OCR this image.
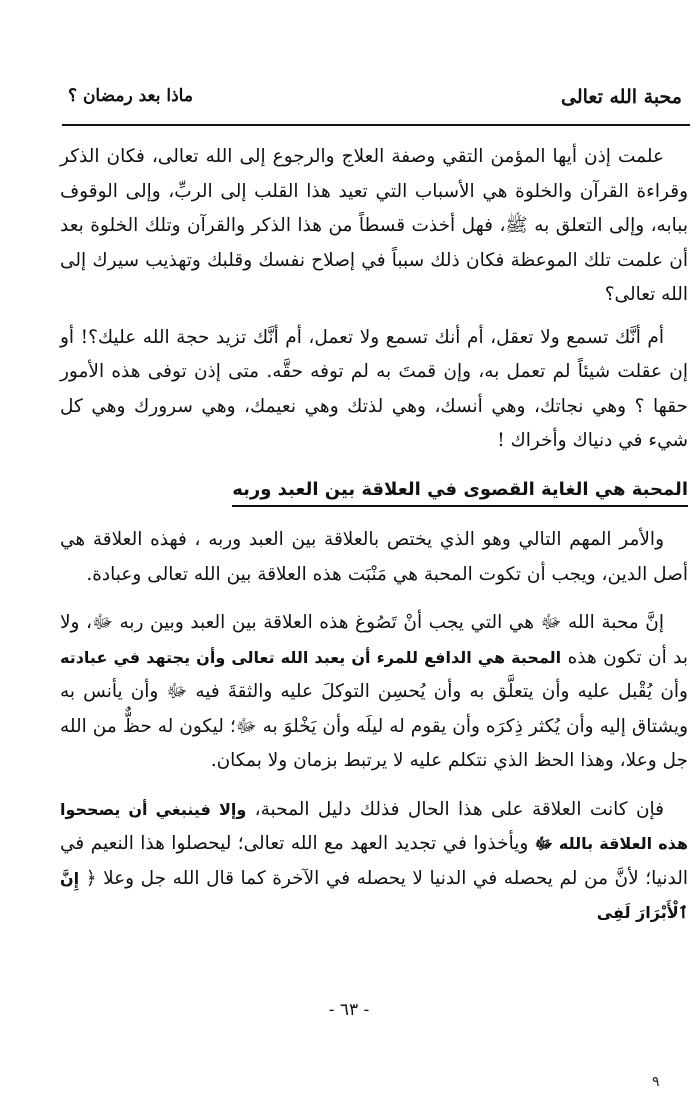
محبة الله تعالى
ماذا بعد رمضان ؟

علمت إذن أيها المؤمن التقي وصفة العلاج والرجوع إلى الله تعالى، فكان الذكر وقراءة القرآن والخلوة هي الأسباب التي تعيد هذا القلب إلى الربِّ، وإلى الوقوف ببابه، وإلى التعلق به ﷺ، فهل أخذت قسطاً من هذا الذكر والقرآن وتلك الخلوة بعد أن علمت تلك الموعظة فكان ذلك سبباً في إصلاح نفسك وقلبك وتهذيب سيرك إلى الله تعالى؟

أم أنَّك تسمع ولا تعقل، أم أنك تسمع ولا تعمل، أم أنَّك تزيد حجة الله عليك؟! أو إن عقلت شيئاً لم تعمل به، وإن قمتَ به لم توفه حقَّه. متى إذن توفى هذه الأمور حقها ؟ وهي نجاتك، وهي أنسك، وهي لذتك وهي نعيمك، وهي سرورك وهي كل شيء في دنياك وأخراك !

المحبة هي الغاية القصوى في العلاقة بين العبد وربه

والأمر المهم التالي وهو الذي يختص بالعلاقة بين العبد وربه ، فهذه العلاقة هي أصل الدين، ويجب أن تكوت المحبة هي مَنْبَت هذه العلاقة بين الله تعالى وعبادة.

إنَّ محبة الله ﷻ هي التي يجب أنْ تَصُوغ هذه العلاقة بين العبد وبين ربه ﷻ، ولا بد أن تكون هذه المحبة هي الدافع للمرء أن يعبد الله تعالى وأن يجتهد في عبادته وأن يُقْبل عليه وأن يتعلَّق به وأن يُحسِن التوكلَ عليه والثقةَ فيه ﷻ وأن يأنس به ويشتاق إليه وأن يُكثر ذِكرَه وأن يقوم له ليلَه وأن يَخْلوَ به ﷻ؛ ليكون له حظٌّ من الله جل وعلا، وهذا الحظ الذي نتكلم عليه لا يرتبط بزمان ولا بمكان.

فإن كانت العلاقة على هذا الحال فذلك دليل المحبة، وإلا فينبغي أن يصححوا هذه العلاقة بالله ﷻ ويأخذوا في تجديد العهد مع الله تعالى؛ ليحصلوا هذا النعيم في الدنيا؛ لأنَّ من لم يحصله في الدنيا لا يحصله في الآخرة كما قال الله جل وعلا ﴿ إِنَّ ٱلْأَبْرَارَ لَفِى

- ٦٣ -
٩
